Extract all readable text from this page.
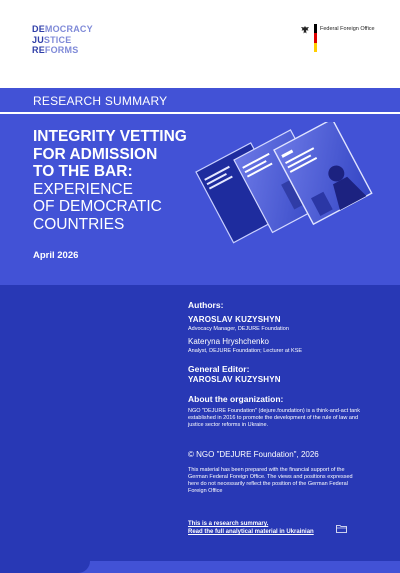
DEMOCRACY
JUSTICE
REFORMS
Federal Foreign Office
RESEARCH SUMMARY
INTEGRITY VETTING
FOR ADMISSION
TO THE BAR:
EXPERIENCE
OF DEMOCRATIC
COUNTRIES
April 2026
Authors:
YAROSLAV KUZYSHYN
Advocacy Manager, DEJURE Foundation
Kateryna Hryshchenko
Analyst, DEJURE Foundation; Lecturer at KSE
General Editor:
YAROSLAV KUZYSHYN
About the organization:
NGO "DEJURE Foundation" (dejure.foundation) is a think-and-act tank established in 2016 to promote the development of the rule of law and justice sector reforms in Ukraine.
© NGO "DEJURE Foundation", 2026
This material has been prepared with the financial support of the German Federal Foreign Office. The views and positions expressed here do not necessarily reflect the position of the German Federal Foreign Office
This is a research summary.
Read the full analytical material in Ukrainian
